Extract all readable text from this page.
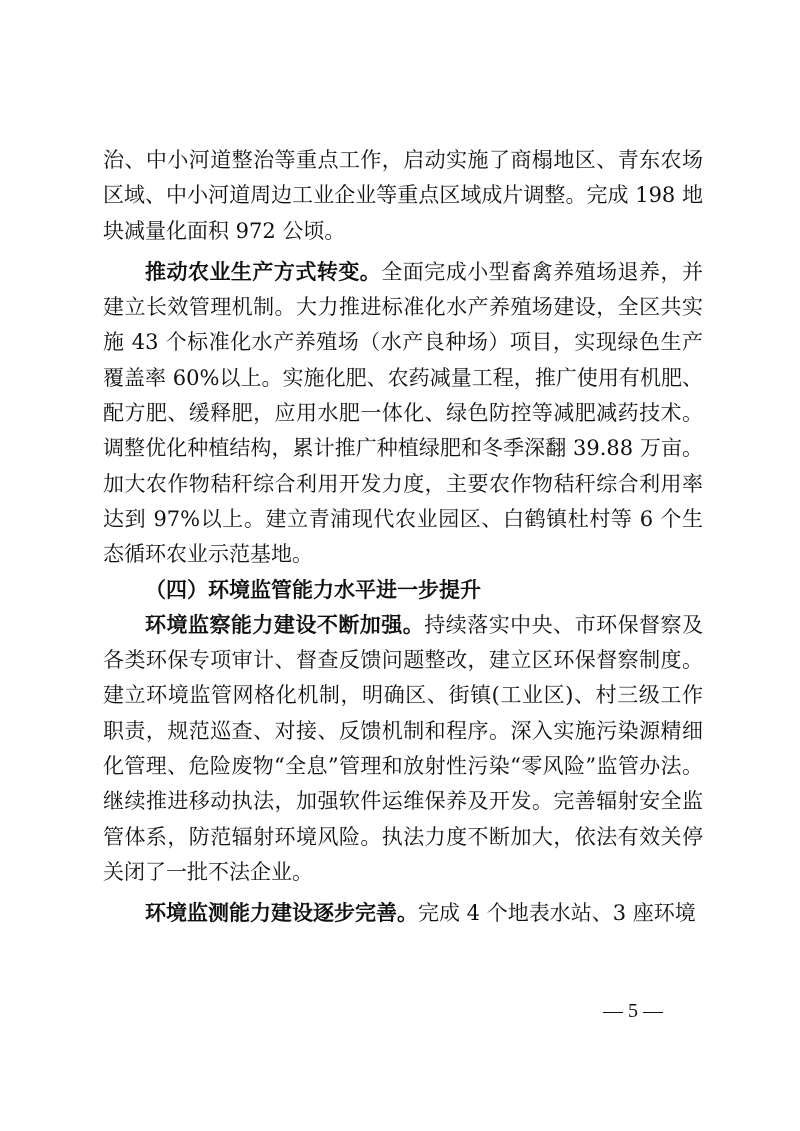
治、中小河道整治等重点工作，启动实施了商榻地区、青东农场区域、中小河道周边工业企业等重点区域成片调整。完成 198 地块减量化面积 972 公顷。

推动农业生产方式转变。全面完成小型畜禽养殖场退养，并建立长效管理机制。大力推进标准化水产养殖场建设，全区共实施 43 个标准化水产养殖场（水产良种场）项目，实现绿色生产覆盖率 60%以上。实施化肥、农药减量工程，推广使用有机肥、配方肥、缓释肥，应用水肥一体化、绿色防控等减肥减药技术。调整优化种植结构，累计推广种植绿肥和冬季深翻 39.88 万亩。加大农作物秸秆综合利用开发力度，主要农作物秸秆综合利用率达到 97%以上。建立青浦现代农业园区、白鹤镇杜村等 6 个生态循环农业示范基地。

（四）环境监管能力水平进一步提升

环境监察能力建设不断加强。持续落实中央、市环保督察及各类环保专项审计、督查反馈问题整改，建立区环保督察制度。建立环境监管网格化机制，明确区、街镇(工业区)、村三级工作职责，规范巡查、对接、反馈机制和程序。深入实施污染源精细化管理、危险废物“全息”管理和放射性污染“零风险”监管办法。继续推进移动执法，加强软件运维保养及开发。完善辐射安全监管体系，防范辐射环境风险。执法力度不断加大，依法有效关停关闭了一批不法企业。

环境监测能力建设逐步完善。完成 4 个地表水站、3 座环境

— 5 —
